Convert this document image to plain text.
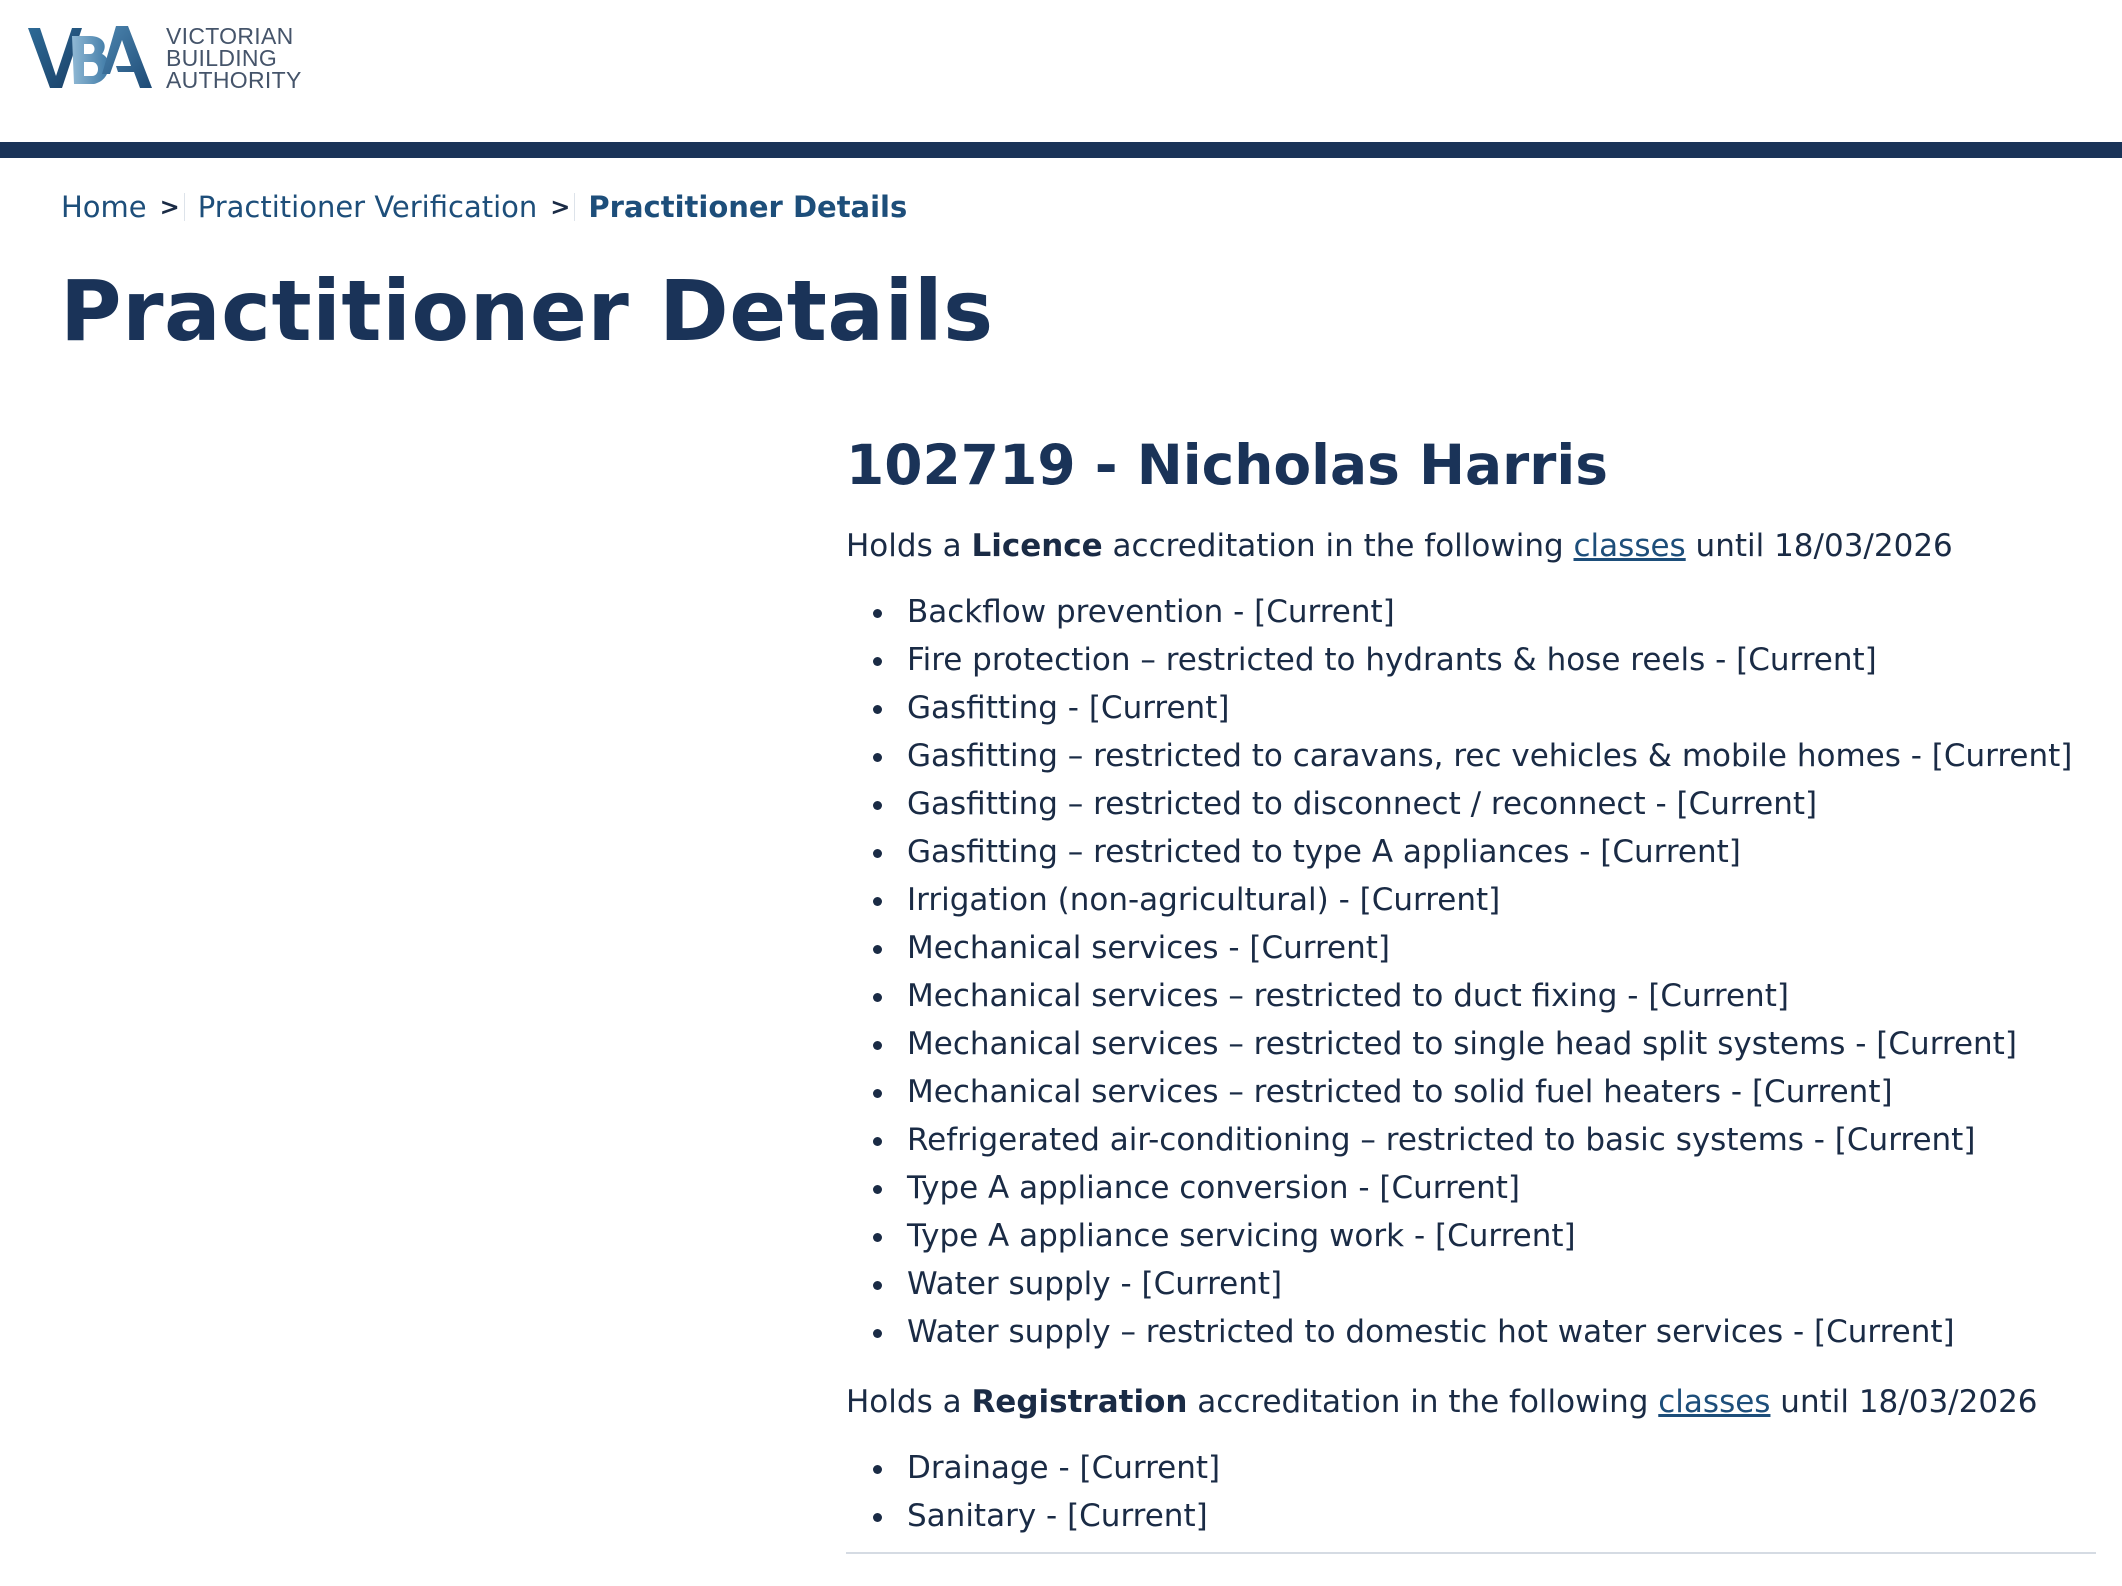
VICTORIAN
BUILDING
AUTHORITY
Home > Practitioner Verification > Practitioner Details
Practitioner Details
102719 - Nicholas Harris

Holds a Licence accreditation in the following classes until 18/03/2026

Backflow prevention - [Current]
Fire protection – restricted to hydrants & hose reels - [Current]
Gasfitting - [Current]
Gasfitting – restricted to caravans, rec vehicles & mobile homes - [Current]
Gasfitting – restricted to disconnect / reconnect - [Current]
Gasfitting – restricted to type A appliances - [Current]
Irrigation (non-agricultural) - [Current]
Mechanical services - [Current]
Mechanical services – restricted to duct fixing - [Current]
Mechanical services – restricted to single head split systems - [Current]
Mechanical services – restricted to solid fuel heaters - [Current]
Refrigerated air-conditioning – restricted to basic systems - [Current]
Type A appliance conversion - [Current]
Type A appliance servicing work - [Current]
Water supply - [Current]
Water supply – restricted to domestic hot water services - [Current]

Holds a Registration accreditation in the following classes until 18/03/2026

Drainage - [Current]
Sanitary - [Current]
